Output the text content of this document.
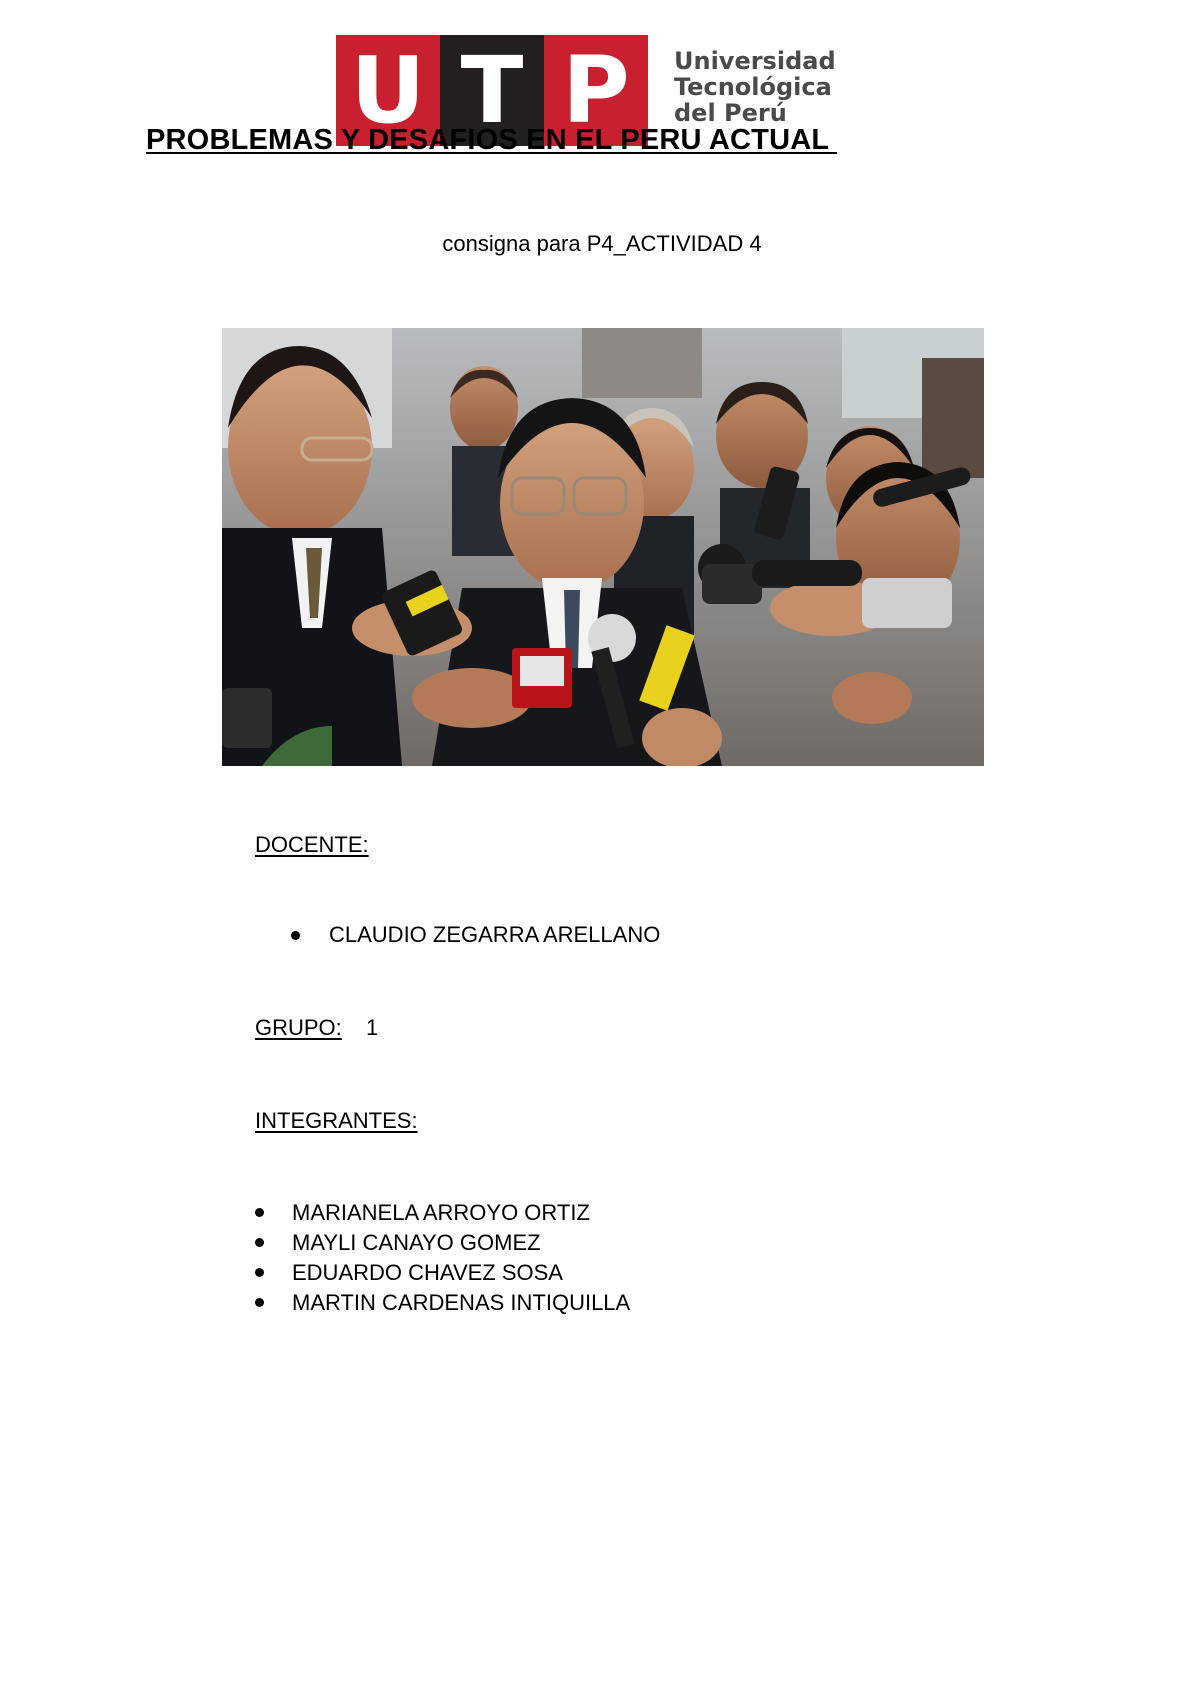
U T P	Universidad
Tecnológica
del Perú
PROBLEMAS Y DESAFIOS EN EL PERU ACTUAL
consigna para P4_ACTIVIDAD 4
DOCENTE:
CLAUDIO ZEGARRA ARELLANO
GRUPO: 1
INTEGRANTES:
MARIANELA ARROYO ORTIZ
MAYLI CANAYO GOMEZ
EDUARDO CHAVEZ SOSA
MARTIN CARDENAS INTIQUILLA
